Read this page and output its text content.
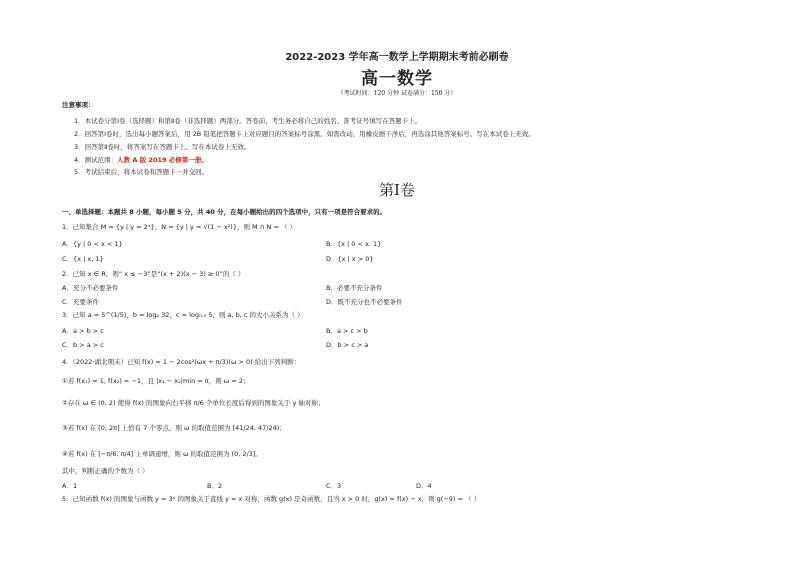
2022-2023 学年高一数学上学期期末考前必刷卷
高一数学
（考试时间：120 分钟 试卷满分：150 分）
注意事项：
1．本试卷分第Ⅰ卷（选择题）和第Ⅱ卷（非选择题）两部分。答卷前，考生务必将自己的姓名、准考证号填写在答题卡上。
2．回答第Ⅰ卷时，选出每小题答案后，用 2B 铅笔把答题卡上对应题目的答案标号涂黑。如需改动，用橡皮擦干净后，再选涂其他答案标号。写在本试卷上无效。
3．回答第Ⅱ卷时，将答案写在答题卡上。写在本试卷上无效。
4．测试范围：人教 A 版 2019 必修第一册。
5．考试结束后，将本试卷和答题卡一并交回。
第Ⅰ卷
一、单选择题：本题共 8 小题，每小题 5 分，共 40 分，在每小题给出的四个选项中，只有一项是符合要求的。
1．已知集合 M = {y | y = 2ˣ}，N = {y | y = √(1 − x²)}，则 M ∩ N = （ ）
A．{y | 0 < x < 1}	B．{x | 0 < x, 1}
C．{x | x, 1}	D．{x | x > 0}
2．已知 x ∈ R，则“ x ≤ −3”是“(x + 2)(x − 3) ≥ 0”的（ ）
A．充分不必要条件	B．必要不充分条件
C．充要条件	D．既不充分也不必要条件
3．已知 a = 5^(1/5)，b = log₂ 32，c = log₀.₅ 5，则 a, b, c 的大小关系为（ ）
A．a > b > c	B．a > c > b
C．b > a > c	D．b > c > a
4．（2022·湖北期末）已知 f(x) = 1 − 2cos²(ωx + π/3)(ω > 0) 给出下列判断：
①若 f(x₁) = 1, f(x₂) = −1，且 |x₁ − x₂|min = π，则 ω = 2；
②存在 ω ∈ (0, 2) 使得 f(x) 的图象向右平移 π/6 个单位长度后得到的图象关于 y 轴对称；
③若 f(x) 在 [0, 2π] 上恰有 7 个零点，则 ω 的取值范围为 [41/24, 47/24)；
④若 f(x) 在 [−π/6, π/4] 上单调递增，则 ω 的取值范围为 (0, 2/3]。
其中，判断正确的个数为（ ）
A．1	B．2	C．3	D．4
5．已知函数 f(x) 的图象与函数 y = 3ˣ 的图象关于直线 y = x 对称，函数 g(x) 是奇函数，且当 x > 0 时，g(x) = f(x) − x，则 g(−9) = （ ）
